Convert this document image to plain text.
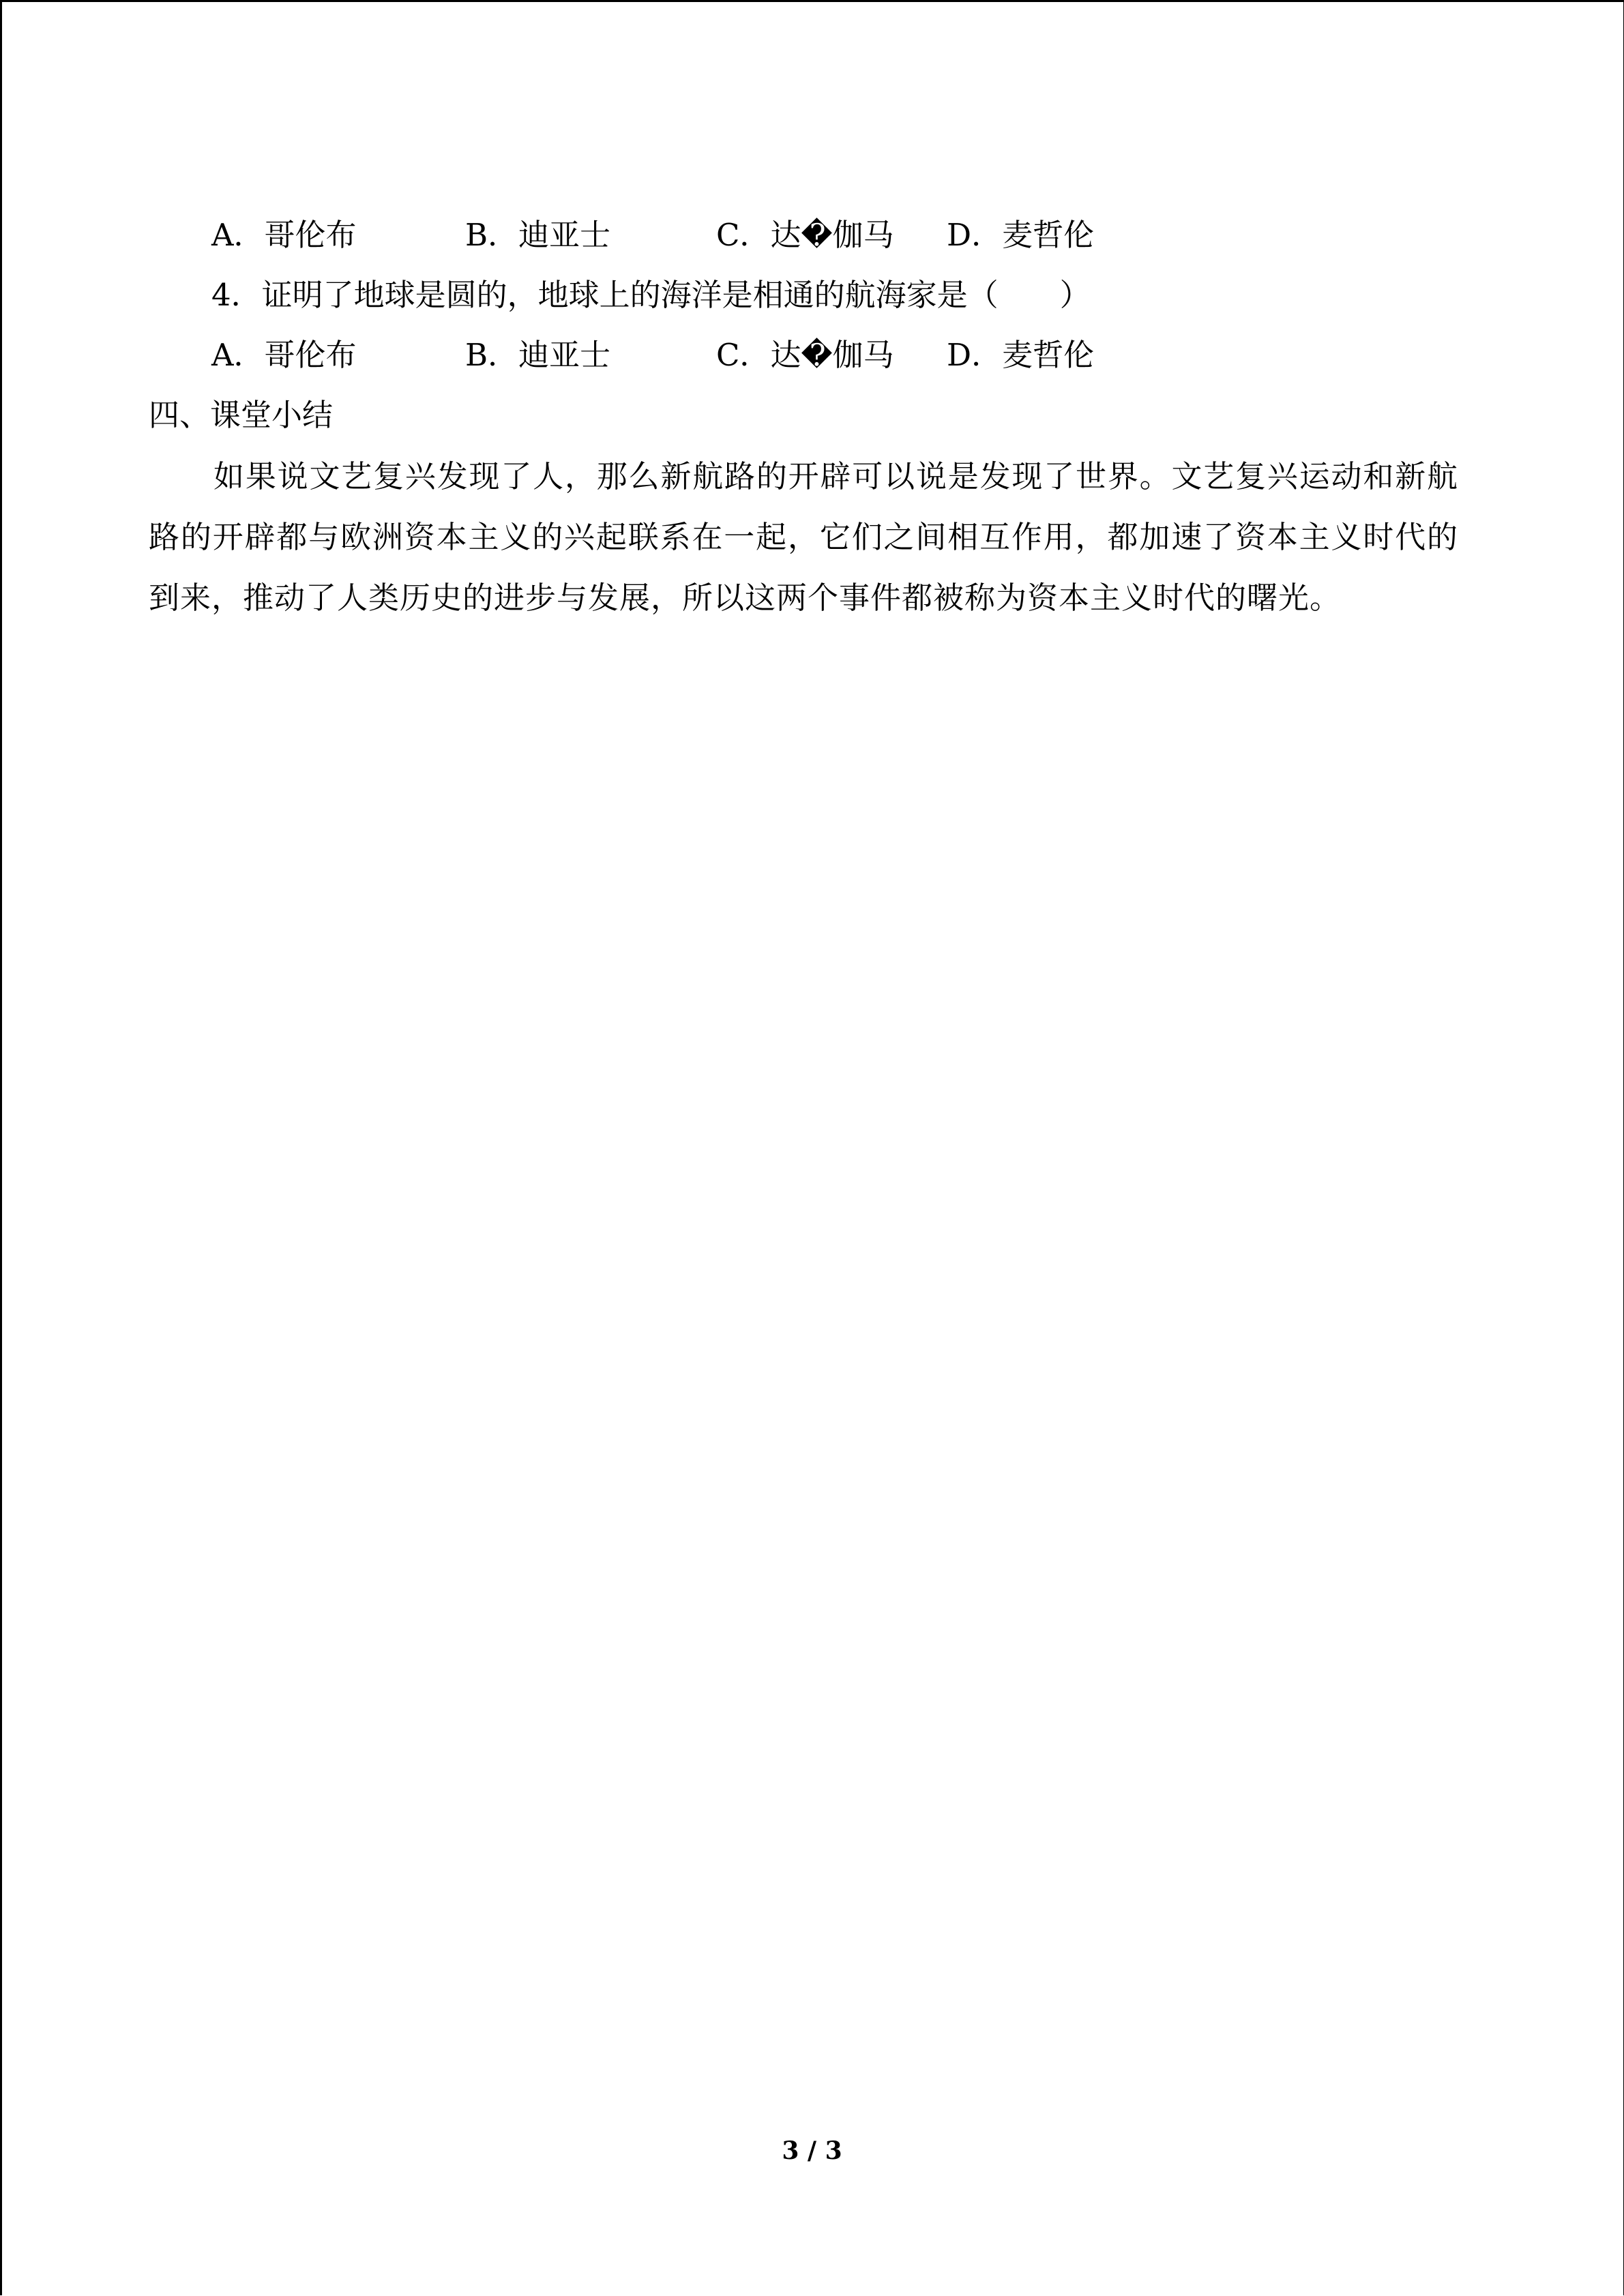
A．哥伦布	B．迪亚士	C．达�伽马 D．麦哲伦
4．证明了地球是圆的，地球上的海洋是相通的航海家是（　　）
A．哥伦布	B．迪亚士	C．达�伽马 D．麦哲伦
四、课堂小结
如果说文艺复兴发现了人，那么新航路的开辟可以说是发现了世界。文艺复兴运动和新航路的开辟都与欧洲资本主义的兴起联系在一起，它们之间相互作用，都加速了资本主义时代的到来，推动了人类历史的进步与发展，所以这两个事件都被称为资本主义时代的曙光。
3 / 3
